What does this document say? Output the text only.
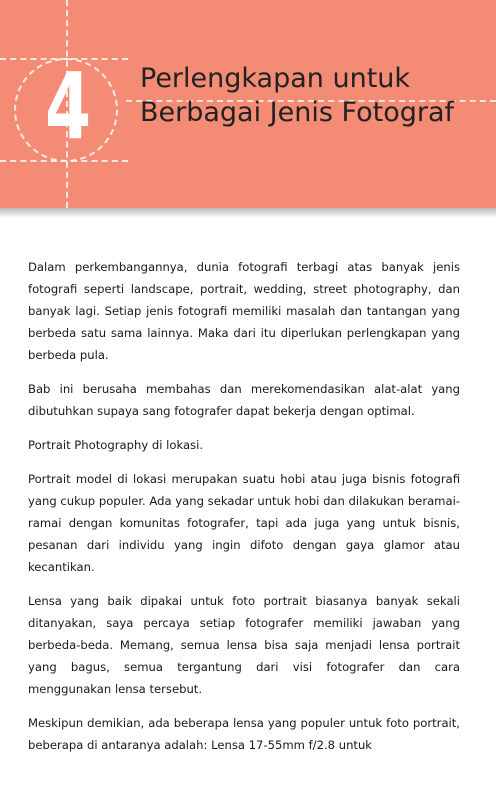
4 Perlengkapan untuk
Berbagai Jenis Fotograf

Dalam perkembangannya, dunia fotografi terbagi atas banyak jenis fotografi seperti landscape, portrait, wedding, street photography, dan banyak lagi. Setiap jenis fotografi memiliki masalah dan tantangan yang berbeda satu sama lainnya. Maka dari itu diperlukan perlengkapan yang berbeda pula.

Bab ini berusaha membahas dan merekomendasikan alat-alat yang dibutuhkan supaya sang fotografer dapat bekerja dengan optimal.

Portrait Photography di lokasi.

Portrait model di lokasi merupakan suatu hobi atau juga bisnis fotografi yang cukup populer. Ada yang sekadar untuk hobi dan dilakukan beramai-ramai dengan komunitas fotografer, tapi ada juga yang untuk bisnis, pesanan dari individu yang ingin difoto dengan gaya glamor atau kecantikan.

Lensa yang baik dipakai untuk foto portrait biasanya banyak sekali ditanyakan, saya percaya setiap fotografer memiliki jawaban yang berbeda-beda. Memang, semua lensa bisa saja menjadi lensa portrait yang bagus, semua tergantung dari visi fotografer dan cara menggunakan lensa tersebut.

Meskipun demikian, ada beberapa lensa yang populer untuk foto portrait, beberapa di antaranya adalah: Lensa 17-55mm f/2.8 untuk
